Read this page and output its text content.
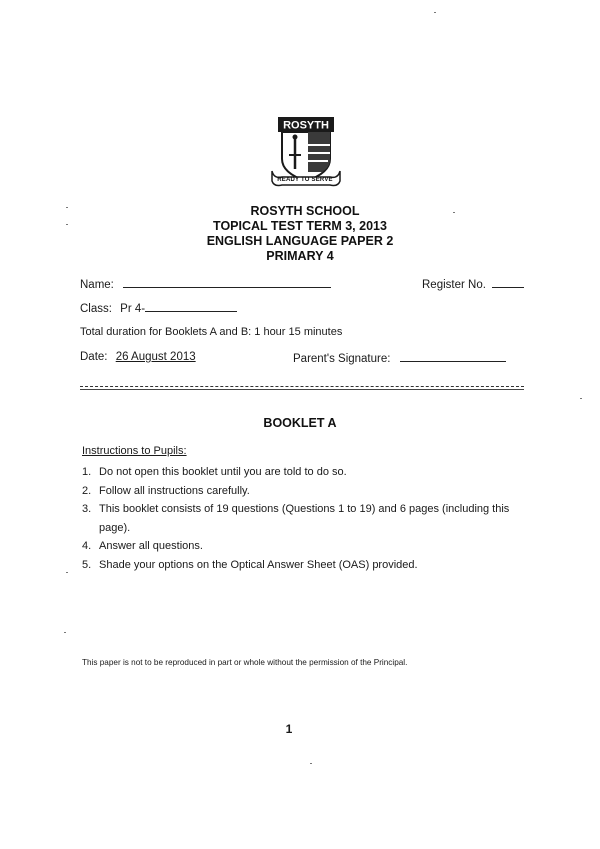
ROSYTH
READY TO SERVE
ROSYTH SCHOOL
TOPICAL TEST TERM 3, 2013
ENGLISH LANGUAGE PAPER 2
PRIMARY 4
Name:	Register No.
Class: Pr 4-
Total duration for Booklets A and B: 1 hour 15 minutes
Date: 26 August 2013	Parent's Signature:
BOOKLET A
Instructions to Pupils:
1. Do not open this booklet until you are told to do so.
2. Follow all instructions carefully.
3. This booklet consists of 19 questions (Questions 1 to 19) and 6 pages (including this page).
4. Answer all questions.
5. Shade your options on the Optical Answer Sheet (OAS) provided.
This paper is not to be reproduced in part or whole without the permission of the Principal.
1
